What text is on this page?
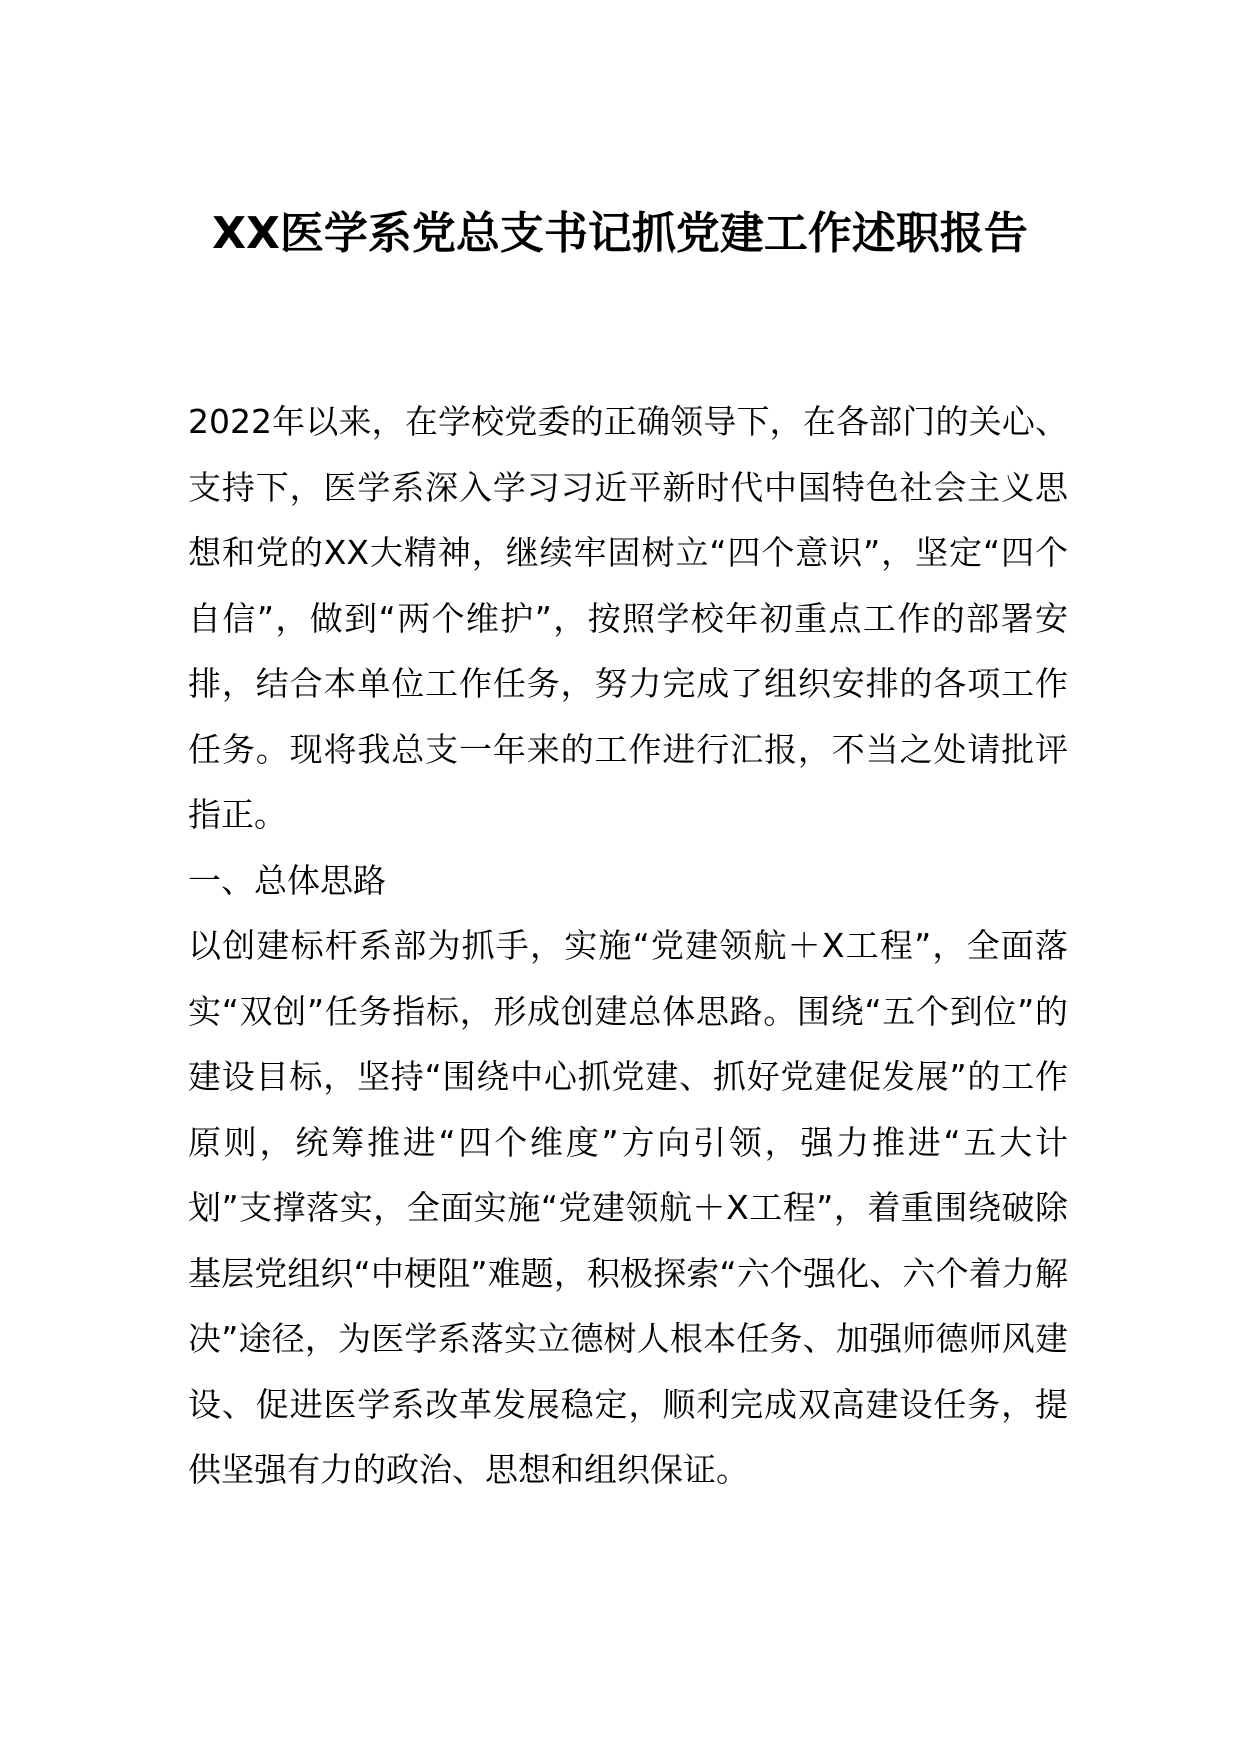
XX医学系党总支书记抓党建工作述职报告

2022年以来，在学校党委的正确领导下，在各部门的关心、支持下，医学系深入学习习近平新时代中国特色社会主义思想和党的XX大精神，继续牢固树立“四个意识”，坚定“四个自信”，做到“两个维护”，按照学校年初重点工作的部署安排，结合本单位工作任务，努力完成了组织安排的各项工作任务。现将我总支一年来的工作进行汇报，不当之处请批评指正。

一、总体思路

以创建标杆系部为抓手，实施“党建领航＋X工程”，全面落实“双创”任务指标，形成创建总体思路。围绕“五个到位”的建设目标，坚持“围绕中心抓党建、抓好党建促发展”的工作原则，统筹推进“四个维度”方向引领，强力推进“五大计划”支撑落实，全面实施“党建领航＋X工程”，着重围绕破除基层党组织“中梗阻”难题，积极探索“六个强化、六个着力解决”途径，为医学系落实立德树人根本任务、加强师德师风建设、促进医学系改革发展稳定，顺利完成双高建设任务，提供坚强有力的政治、思想和组织保证。
